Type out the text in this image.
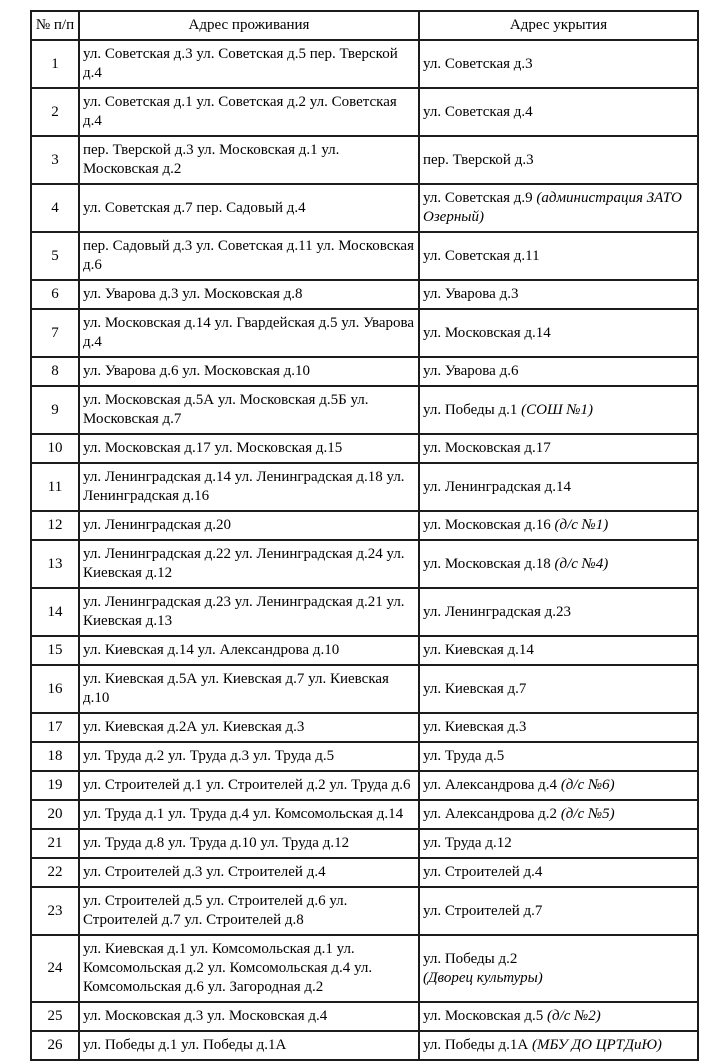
№ п/п	Адрес проживания	Адрес укрытия
1	ул. Советская д.3 ул. Советская д.5 пер. Тверской д.4	ул. Советская д.3
2	ул. Советская д.1 ул. Советская д.2 ул. Советская д.4	ул. Советская д.4
3	пер. Тверской д.3 ул. Московская д.1 ул. Московская д.2	пер. Тверской д.3
4	ул. Советская д.7 пер. Садовый д.4	ул. Советская д.9 (администрация ЗАТО Озерный)
5	пер. Садовый д.3 ул. Советская д.11 ул. Московская д.6	ул. Советская д.11
6	ул. Уварова д.3 ул. Московская д.8	ул. Уварова д.3
7	ул. Московская д.14 ул. Гвардейская д.5 ул. Уварова д.4	ул. Московская д.14
8	ул. Уварова д.6 ул. Московская д.10	ул. Уварова д.6
9	ул. Московская д.5А ул. Московская д.5Б ул. Московская д.7	ул. Победы д.1 (СОШ №1)
10	ул. Московская д.17 ул. Московская д.15	ул. Московская д.17
11	ул. Ленинградская д.14 ул. Ленинградская д.18 ул. Ленинградская д.16	ул. Ленинградская д.14
12	ул. Ленинградская д.20	ул. Московская д.16 (д/с №1)
13	ул. Ленинградская д.22 ул. Ленинградская д.24 ул. Киевская д.12	ул. Московская д.18 (д/с №4)
14	ул. Ленинградская д.23 ул. Ленинградская д.21 ул. Киевская д.13	ул. Ленинградская д.23
15	ул. Киевская д.14 ул. Александрова д.10	ул. Киевская д.14
16	ул. Киевская д.5А ул. Киевская д.7 ул. Киевская д.10	ул. Киевская д.7
17	ул. Киевская д.2А ул. Киевская д.3	ул. Киевская д.3
18	ул. Труда д.2 ул. Труда д.3 ул. Труда д.5	ул. Труда д.5
19	ул. Строителей д.1 ул. Строителей д.2 ул. Труда д.6	ул. Александрова д.4 (д/с №6)
20	ул. Труда д.1 ул. Труда д.4 ул. Комсомольская д.14	ул. Александрова д.2 (д/с №5)
21	ул. Труда д.8 ул. Труда д.10 ул. Труда д.12	ул. Труда д.12
22	ул. Строителей д.3 ул. Строителей д.4	ул. Строителей д.4
23	ул. Строителей д.5 ул. Строителей д.6 ул. Строителей д.7 ул. Строителей д.8	ул. Строителей д.7
24	ул. Киевская д.1 ул. Комсомольская д.1 ул. Комсомольская д.2 ул. Комсомольская д.4 ул. Комсомольская д.6 ул. Загородная д.2	ул. Победы д.2
(Дворец культуры)
25	ул. Московская д.3 ул. Московская д.4	ул. Московская д.5 (д/с №2)
26	ул. Победы д.1 ул. Победы д.1А	ул. Победы д.1А (МБУ ДО ЦРТДиЮ)
